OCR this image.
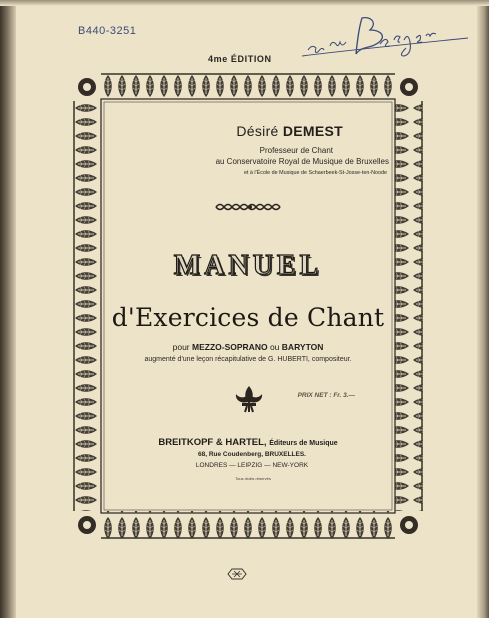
B440-3251
4me ÉDITION
Désiré DEMEST
Professeur de Chant
au Conservatoire Royal de Musique de Bruxelles
et à l'École de Musique de Schaerbeek-St-Josse-ten-Noode
MANUEL
d'Exercices de Chant
pour MEZZO-SOPRANO ou BARYTON
augmenté d'une leçon récapitulative de G. HUBERTI, compositeur.
PRIX NET : Fr. 3.—
BREITKOPF & HARTEL, Éditeurs de Musique
68, Rue Coudenberg, BRUXELLES.
LONDRES — LEIPZIG — NEW-YORK
Tous droits réservés
